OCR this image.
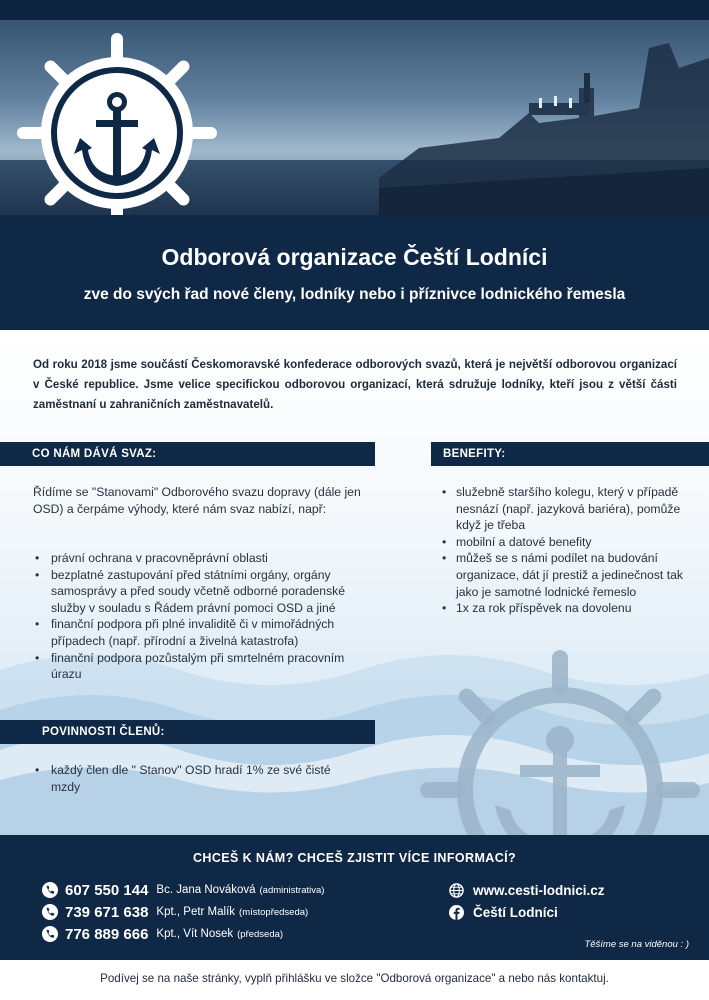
Odborová organizace Čeští Lodníci
zve do svých řad nové členy, lodníky nebo i příznivce lodnického řemesla
Od roku 2018 jsme součástí Českomoravské konfederace odborových svazů, která je největší odborovou organizací v České republice. Jsme velice specifickou odborovou organizací, která sdružuje lodníky, kteří jsou z větší části zaměstnaní u zahraničních zaměstnavatelů.
CO NÁM DÁVÁ SVAZ:
Řídíme se "Stanovami" Odborového svazu dopravy (dále jen OSD) a čerpáme výhody, které nám svaz nabízí, např:
• právní ochrana v pracovněprávní oblasti
• bezplatné zastupování před státními orgány, orgány samosprávy a před soudy včetně odborné poradenské služby v souladu s Řádem právní pomoci OSD a jiné
• finanční podpora při plné invaliditě či v mimořádných případech (např. přírodní a živelná katastrofa)
• finanční podpora pozůstalým při smrtelném pracovním úrazu
BENEFITY:
• služebně staršího kolegu, který v případě nesnází (např. jazyková bariéra), pomůže když je třeba
• mobilní a datové benefity
• můžeš se s námi podílet na budování organizace, dát jí prestiž a jedinečnost tak jako je samotné lodnické řemeslo
• 1x za rok příspěvek na dovolenu
POVINNOSTI ČLENŮ:
• každý člen dle " Stanov" OSD hradí 1% ze své čisté mzdy
CHCEŠ K NÁM? CHCEŠ ZJISTIT VÍCE INFORMACÍ?
607 550 144 Bc. Jana Nováková (administrativa)
739 671 638 Kpt., Petr Malík (místopředseda)
776 889 666 Kpt., Vít Nosek (předseda)
www.cesti-lodnici.cz
Čeští Lodníci
Těšíme se na viděnou : )
Podívej se na naše stránky, vyplň přihlášku ve složce "Odborová organizace" a nebo nás kontaktuj.
